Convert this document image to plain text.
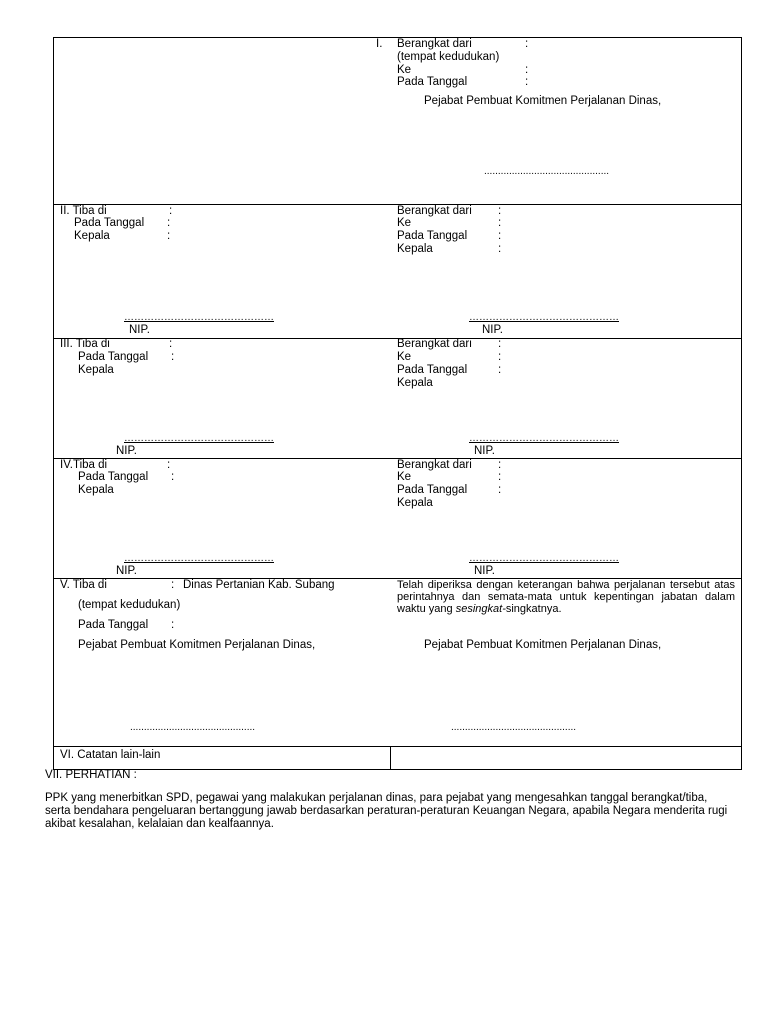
I. Berangkat dari	:
(tempat kedudukan)
Ke	:
Pada Tanggal	:
Pejabat Pembuat Komitmen Perjalanan Dinas,
.............................................
II. Tiba di	:
Pada Tanggal :
Kepala	:
Berangkat dari :
Ke	:
Pada Tanggal	:
Kepala	:
………………………………………
NIP.
………………………………………
NIP.
III. Tiba di	:
Pada Tanggal :
Kepala
Berangkat dari :
Ke	:
Pada Tanggal	:
Kepala
………………………………………
NIP.
………………………………………
NIP.
IV.Tiba di	:
Pada Tanggal :
Kepala
Berangkat dari :
Ke	:
Pada Tanggal	:
Kepala
………………………………………
NIP.
………………………………………
NIP.
V. Tiba di	: Dinas Pertanian Kab. Subang
(tempat kedudukan)
Pada Tanggal :
Pejabat Pembuat Komitmen Perjalanan Dinas,
Telah diperiksa dengan keterangan bahwa perjalanan tersebut atas perintahnya dan semata-mata untuk kepentingan jabatan dalam waktu yang sesingkat-singkatnya.
Pejabat Pembuat Komitmen Perjalanan Dinas,
.............................................	.............................................
VI. Catatan lain-lain
VII. PERHATIAN :
PPK yang menerbitkan SPD, pegawai yang malakukan perjalanan dinas, para pejabat yang mengesahkan tanggal berangkat/tiba, serta bendahara pengeluaran bertanggung jawab berdasarkan peraturan-peraturan Keuangan Negara, apabila Negara menderita rugi akibat kesalahan, kelalaian dan kealfaannya.
